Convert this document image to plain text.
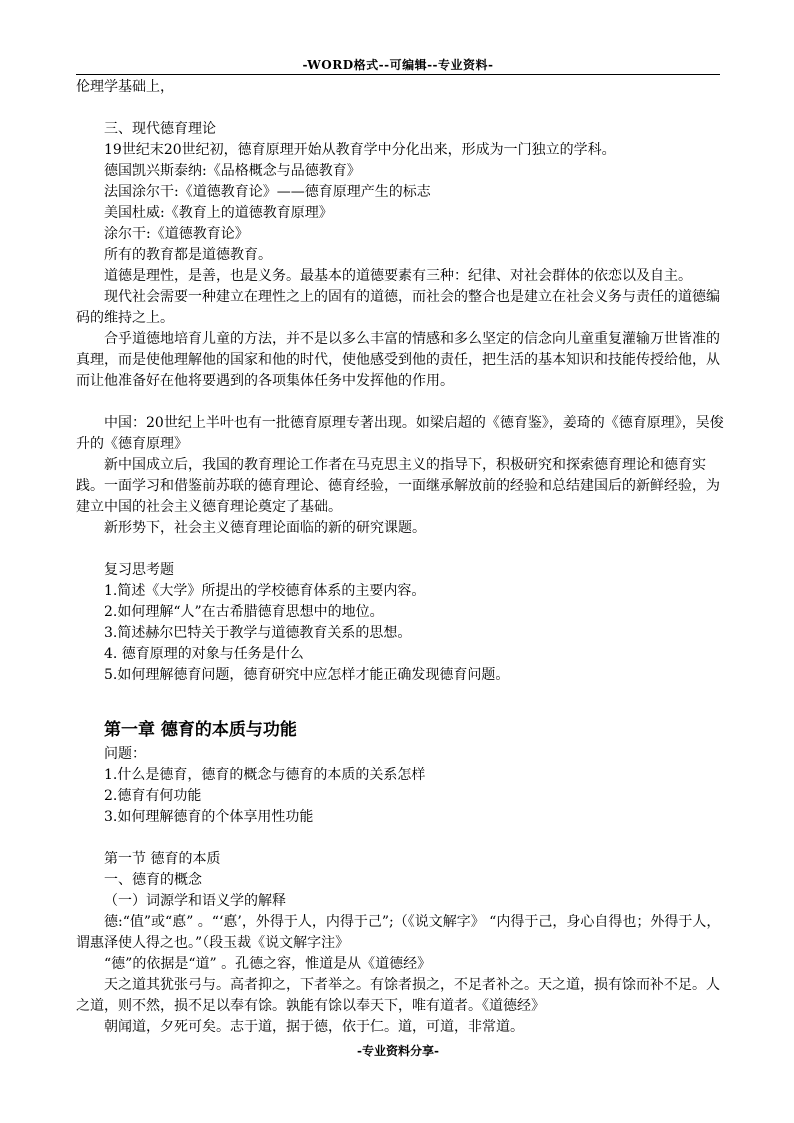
-WORD格式--可编辑--专业资料-

伦理学基础上，

三、现代德育理论

19世纪末20世纪初，德育原理开始从教育学中分化出来，形成为一门独立的学科。

德国凯兴斯泰纳:《品格概念与品德教育》

法国涂尔干:《道德教育论》——德育原理产生的标志

美国杜威:《教育上的道德教育原理》

涂尔干:《道德教育论》

所有的教育都是道德教育。

道德是理性，是善，也是义务。最基本的道德要素有三种：纪律、对社会群体的依恋以及自主。

现代社会需要一种建立在理性之上的固有的道德，而社会的整合也是建立在社会义务与责任的道德编码的维持之上。

合乎道德地培育儿童的方法，并不是以多么丰富的情感和多么坚定的信念向儿童重复灌输万世皆准的真理，而是使他理解他的国家和他的时代，使他感受到他的责任，把生活的基本知识和技能传授给他，从而让他准备好在他将要遇到的各项集体任务中发挥他的作用。

中国：20世纪上半叶也有一批德育原理专著出现。如梁启超的《德育鉴》，姜琦的《德育原理》，吴俊升的《德育原理》

新中国成立后，我国的教育理论工作者在马克思主义的指导下，积极研究和探索德育理论和德育实践。一面学习和借鉴前苏联的德育理论、德育经验，一面继承解放前的经验和总结建国后的新鲜经验，为建立中国的社会主义德育理论奠定了基础。

新形势下，社会主义德育理论面临的新的研究课题。

复习思考题

1.简述《大学》所提出的学校德育体系的主要内容。

2.如何理解“人”在古希腊德育思想中的地位。

3.简述赫尔巴特关于教学与道德教育关系的思想。

4. 德育原理的对象与任务是什么

5.如何理解德育问题，德育研究中应怎样才能正确发现德育问题。

第一章 德育的本质与功能

问题：

1.什么是德育，德育的概念与德育的本质的关系怎样

2.德育有何功能

3.如何理解德育的个体享用性功能

第一节 德育的本质

一、德育的概念

（一）词源学和语义学的解释

德:“值”或“悳” 。“‘悳’，外得于人，内得于己”;（《说文解字》 “内得于己，身心自得也；外得于人，谓惠泽使人得之也。”（段玉裁《说文解字注》

“德”的依据是“道” 。孔德之容，惟道是从《道德经》

天之道其犹张弓与。高者抑之，下者举之。有馀者损之，不足者补之。天之道，损有馀而补不足。人之道，则不然，损不足以奉有馀。孰能有馀以奉天下，唯有道者。《道德经》

朝闻道，夕死可矣。志于道，据于德，依于仁。道，可道，非常道。

-专业资料分享-
